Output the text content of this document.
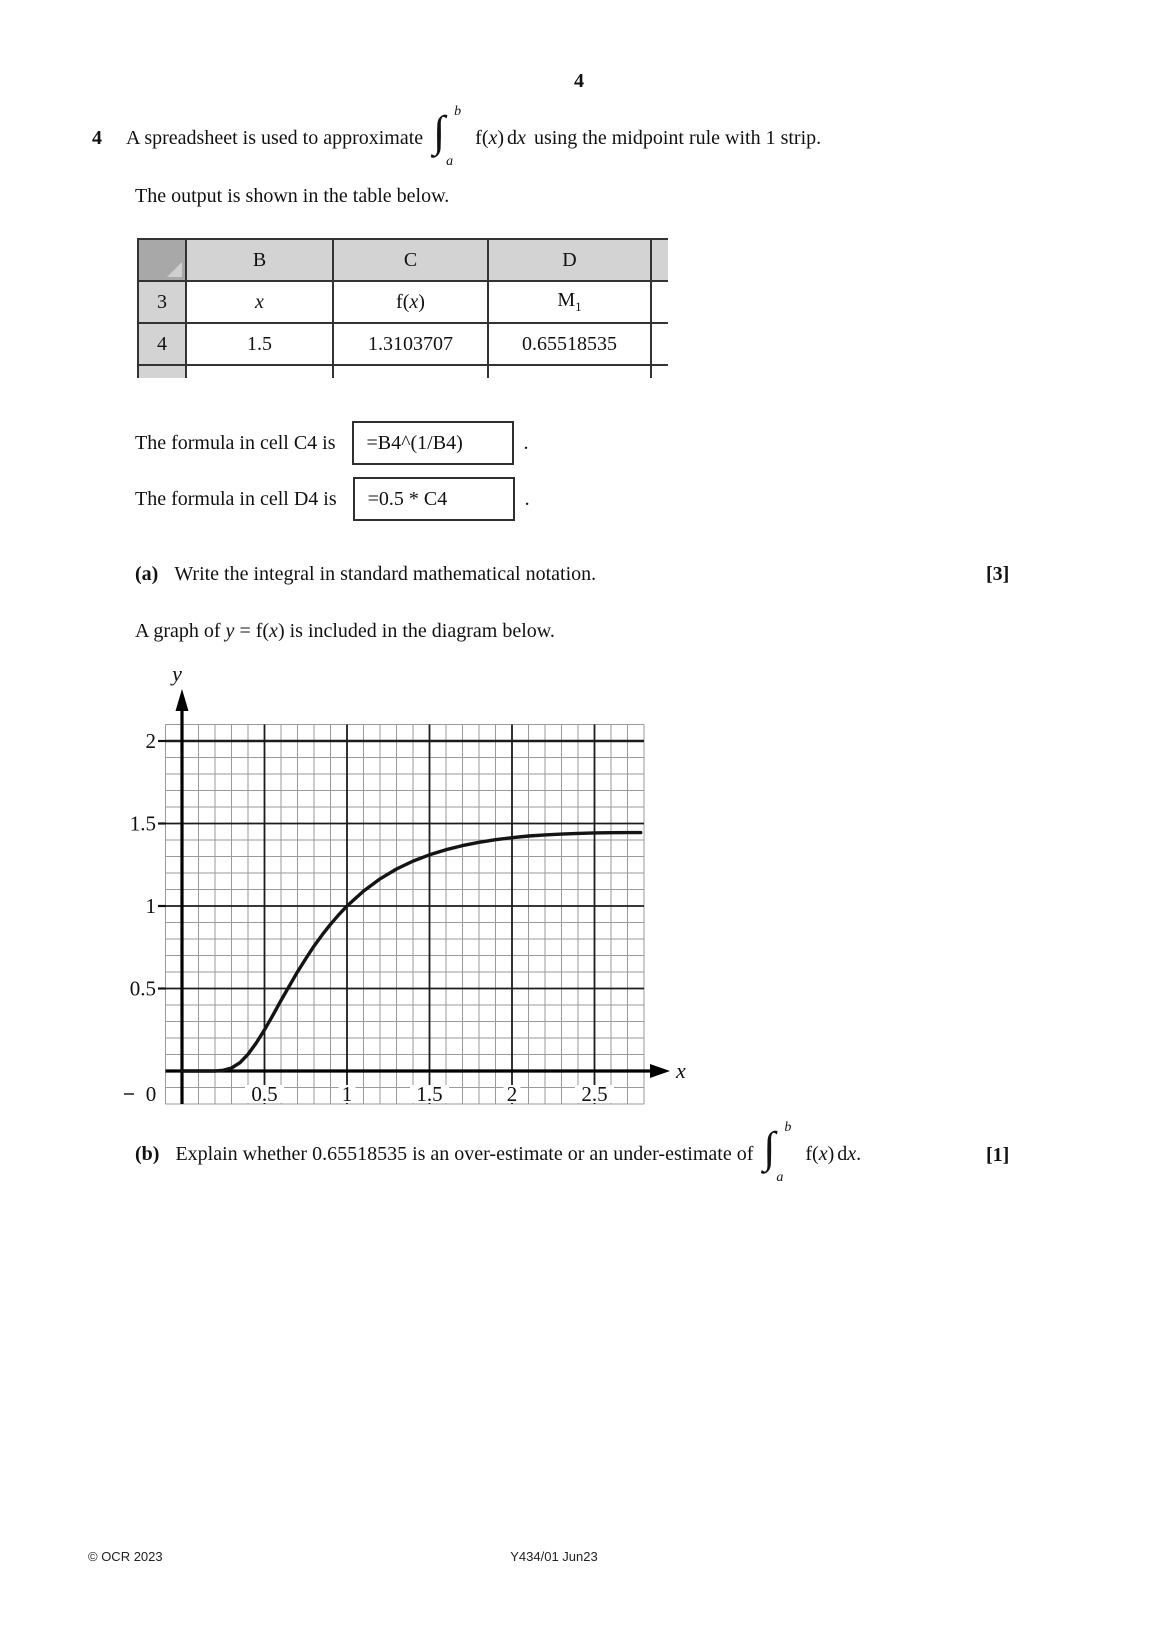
4
4 A spreadsheet is used to approximate ∫ b
a
f(x) dx using the midpoint rule with 1 strip.
The output is shown in the table below.
	B	C	D	
3	x	f(x)	$M_1$	
4	1.5	1.3103707	0.65518535	

The formula in cell C4 is	=B4^(1/B4)	.
The formula in cell D4 is	=0.5 * C4	.
(a) Write the integral in standard mathematical notation.	[3]
A graph of y = f(x) is included in the diagram below.
0.5	1	1.5	2	2.5
0.5
1
1.5
2
0
y
x
(b) Explain whether 0.65518535 is an over-estimate or an under-estimate of ∫ b
a
f(x) dx .	[1]
© OCR 2023	Y434/01 Jun23
